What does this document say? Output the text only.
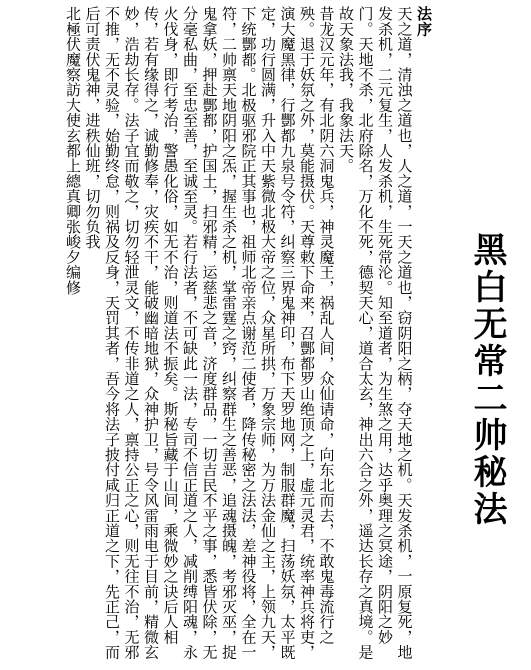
黑白无常二帅秘法

法序

天之道，清浊之道也，人之道，一天之道也，窃阴阳之柄，夺天地之机。天发杀机，一原复死，地发杀机，二元复生，人发杀机，生死常沦。知至道者，为生煞之用，达乎奥理之冥途，阴阳之妙门。天地不杀，北府除名，万化不死，德契天心，道合太玄，神出六合之外，遥达长存之真境。是故天象法我，我象法天。

昔龙汉元年，有北阴六洞鬼兵，神灵魔王，祸乱人间，众仙请命，向东北而去，不敢鬼毒流行之殃。退于妖氛之外，莫能摄伏。天尊敕下命来，召酆都罗山绝顶之上，虚元灵君，统率神兵将吏，演大魔黑律，行酆都九泉号令符，纠察三界鬼神印，布下天罗地网，制服群魔，扫荡妖氛，太平既定，功行圆满，升入中天紫微北极大帝之位，众星所拱，万象宗师，为万法金仙之主，上领九天，下统酆都。北极驱邪院正其事也，祖师北帝亲点谢范二使者，降传秘密之法法，差神役将，全在一符，二帅禀天地阴阳之炁，握生杀之机，掌雷霆之窍，纠察群生之善恶，追魂摄魄，考邪灭巫，捉鬼拿妖，押赴酆都，护国土，扫邪精，运慈悲之音，济度群品，一切吉民不平之事，悉皆伏除，无分毫私曲，至忠至善，至诚至灵。若行法者，不可缺此一法，专司不信正道之人，减削缚阳魂，永火伐身，即行考治，警愚化俗，如无不治，则道法不振矣。斯秘旨藏于山间，乘微妙之诀后人相传，若有缘得之，诚勤修奉，灾疾不干，能破幽暗地狱，众神护卫，号令风雷雨电于目前，精微玄妙，浩劫长存。法子宜而敬之，切勿轻泄灵文，不传非道之人，禀持公正之心，则无往不治，无邪不推，无不灵验，始勤终怠，则祸及反身，天罚其者，吾今将法子披付咸归正道之下，先正己，而后可责伏鬼神，进秩仙班，切勿负我

北極伏魔察訪大使玄都上總真卿张峻夕编修
